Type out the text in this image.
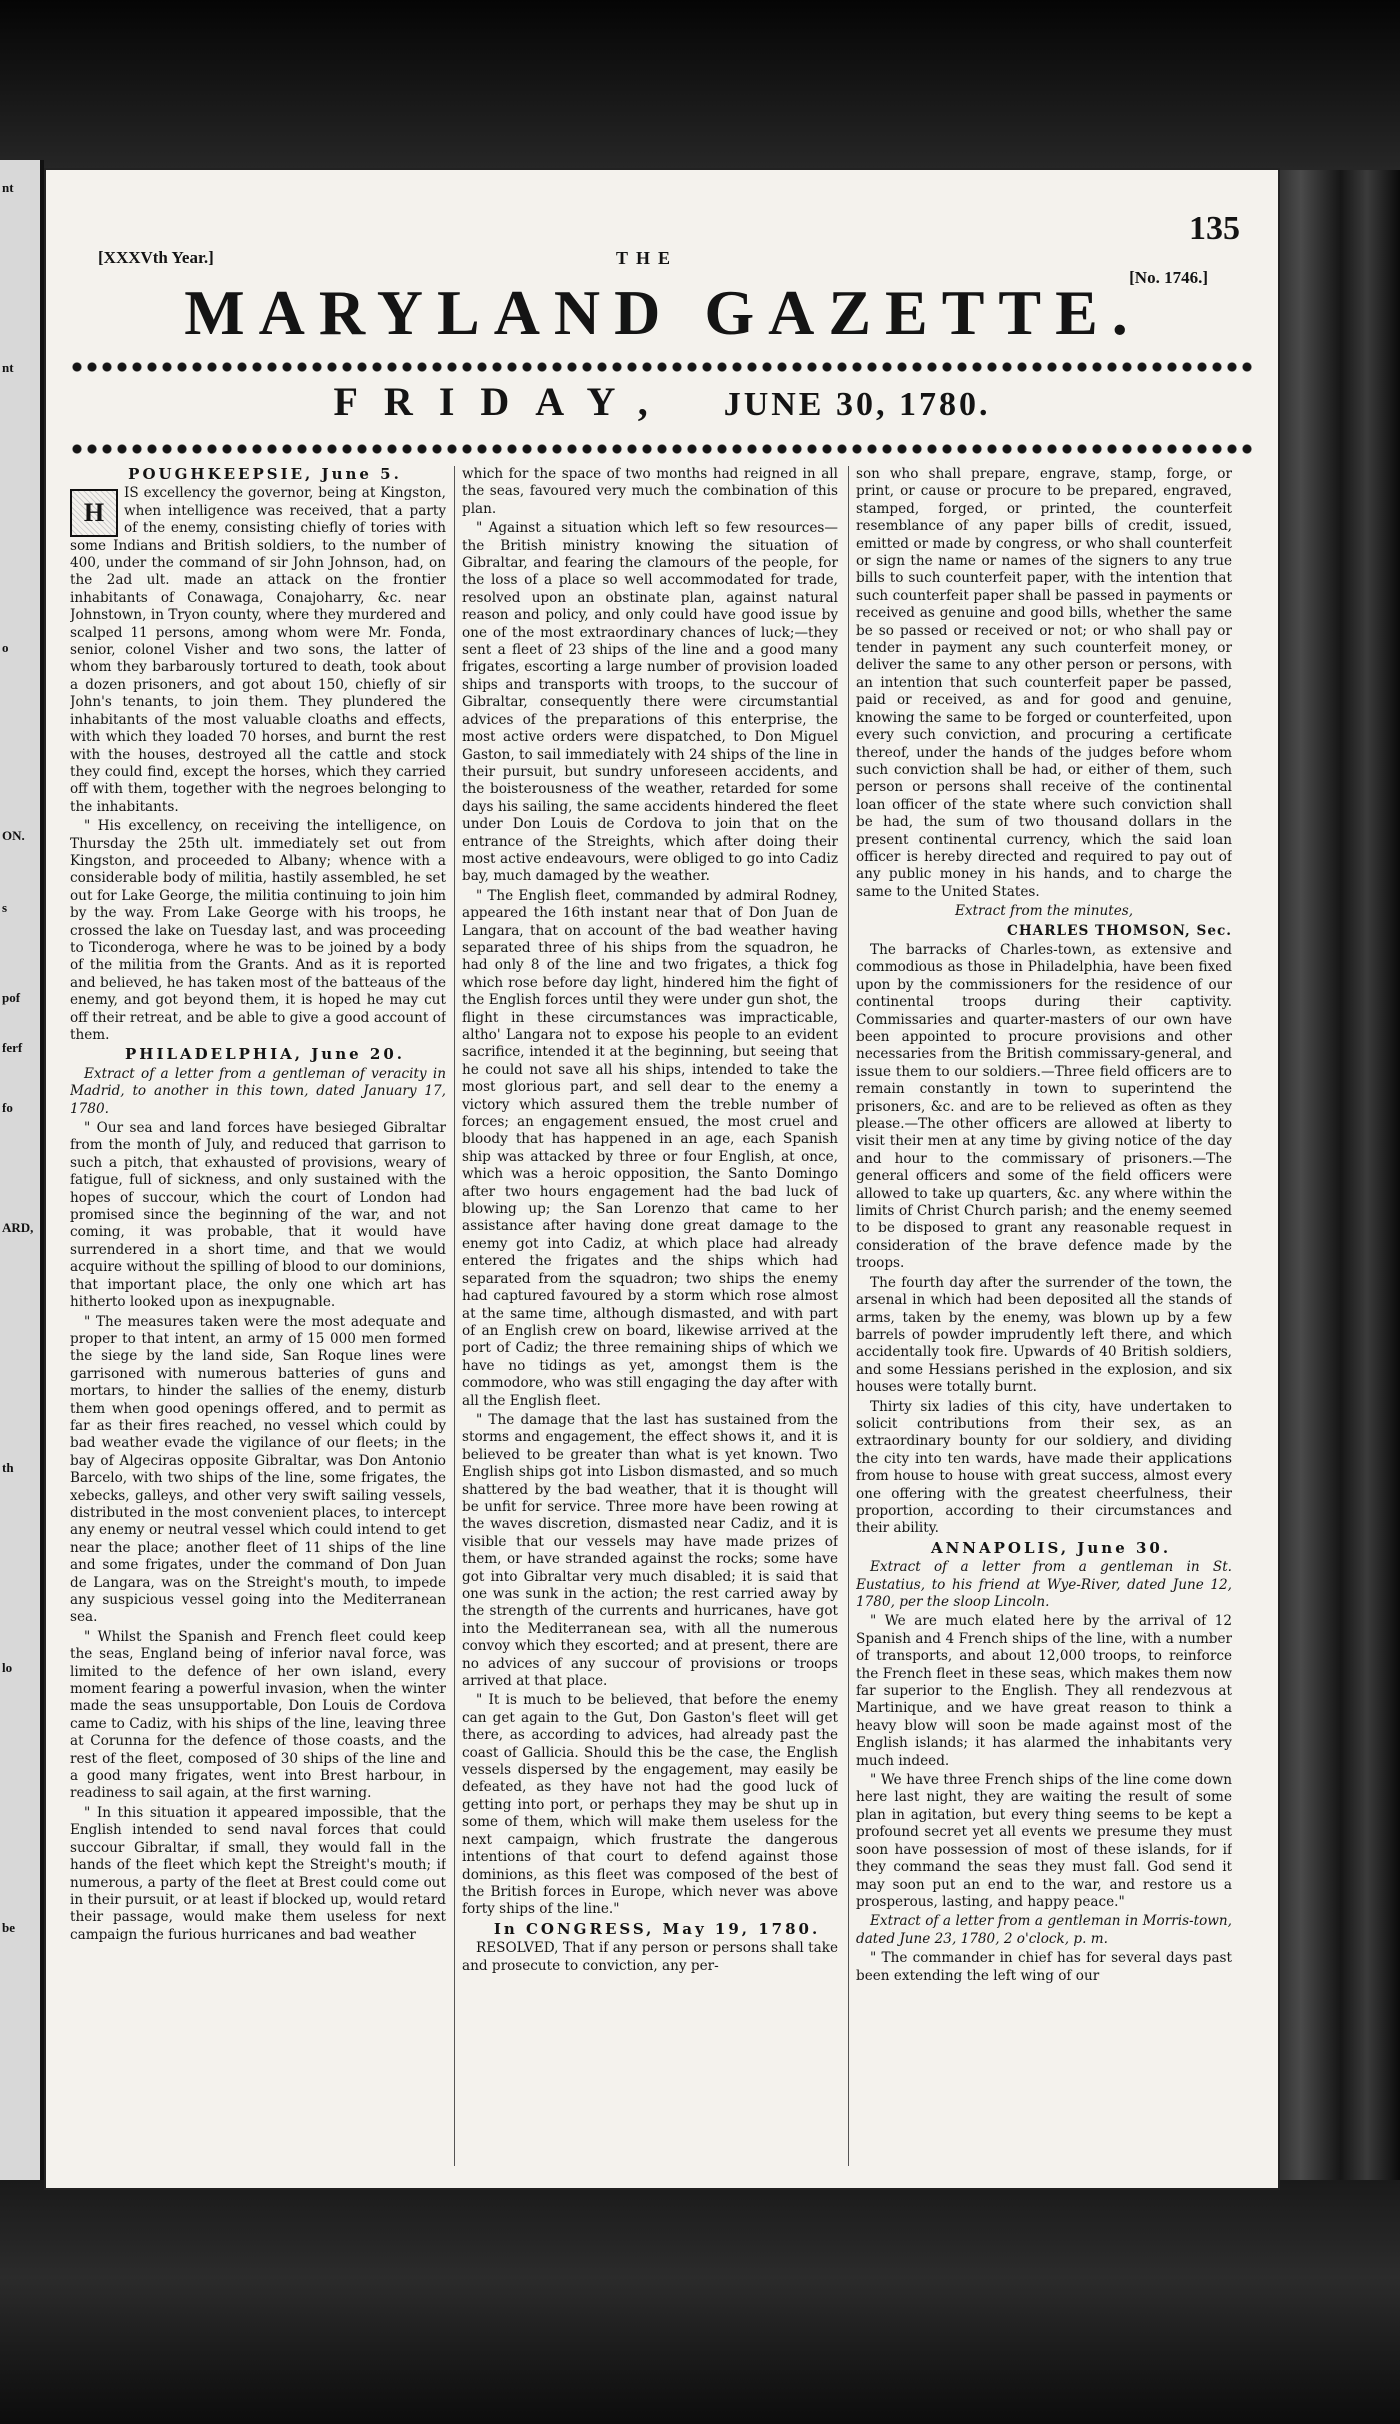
nt
nt
o
ON.
s
pof
ferf
fo
ARD,
th
lo
be
135
[XXXVth Year.]	THE
[No. 1746.]
MARYLAND GAZETTE.
FRIDAY, JUNE 30, 1780.

POUGHKEEPSIE, June 5.

H

IS excellency the governor, being at Kingston, when intelligence was received, that a party of the enemy, consisting chiefly of tories with some Indians and British soldiers, to the number of 400, under the command of sir John Johnson, had, on the 2ad ult. made an attack on the frontier inhabitants of Conawaga, Conajoharry, &c. near Johnstown, in Tryon county, where they murdered and scalped 11 persons, among whom were Mr. Fonda, senior, colonel Visher and two sons, the latter of whom they barbarously tortured to death, took about a dozen prisoners, and got about 150, chiefly of sir John's tenants, to join them. They plundered the inhabitants of the most valuable cloaths and effects, with which they loaded 70 horses, and burnt the rest with the houses, destroyed all the cattle and stock they could find, except the horses, which they carried off with them, together with the negroes belonging to the inhabitants.

" His excellency, on receiving the intelligence, on Thursday the 25th ult. immediately set out from Kingston, and proceeded to Albany; whence with a considerable body of militia, hastily assembled, he set out for Lake George, the militia continuing to join him by the way. From Lake George with his troops, he crossed the lake on Tuesday last, and was proceeding to Ticonderoga, where he was to be joined by a body of the militia from the Grants. And as it is reported and believed, he has taken most of the batteaus of the enemy, and got beyond them, it is hoped he may cut off their retreat, and be able to give a good account of them.

PHILADELPHIA, June 20.

Extract of a letter from a gentleman of veracity in Madrid, to another in this town, dated January 17, 1780.

" Our sea and land forces have besieged Gibraltar from the month of July, and reduced that garrison to such a pitch, that exhausted of provisions, weary of fatigue, full of sickness, and only sustained with the hopes of succour, which the court of London had promised since the beginning of the war, and not coming, it was probable, that it would have surrendered in a short time, and that we would acquire without the spilling of blood to our dominions, that important place, the only one which art has hitherto looked upon as inexpugnable.

" The measures taken were the most adequate and proper to that intent, an army of 15 000 men formed the siege by the land side, San Roque lines were garrisoned with numerous batteries of guns and mortars, to hinder the sallies of the enemy, disturb them when good openings offered, and to permit as far as their fires reached, no vessel which could by bad weather evade the vigilance of our fleets; in the bay of Algeciras opposite Gibraltar, was Don Antonio Barcelo, with two ships of the line, some frigates, the xebecks, galleys, and other very swift sailing vessels, distributed in the most convenient places, to intercept any enemy or neutral vessel which could intend to get near the place; another fleet of 11 ships of the line and some frigates, under the command of Don Juan de Langara, was on the Streight's mouth, to impede any suspicious vessel going into the Mediterranean sea.

" Whilst the Spanish and French fleet could keep the seas, England being of inferior naval force, was limited to the defence of her own island, every moment fearing a powerful invasion, when the winter made the seas unsupportable, Don Louis de Cordova came to Cadiz, with his ships of the line, leaving three at Corunna for the defence of those coasts, and the rest of the fleet, composed of 30 ships of the line and a good many frigates, went into Brest harbour, in readiness to sail again, at the first warning.

" In this situation it appeared impossible, that the English intended to send naval forces that could succour Gibraltar, if small, they would fall in the hands of the fleet which kept the Streight's mouth; if numerous, a party of the fleet at Brest could come out in their pursuit, or at least if blocked up, would retard their passage, would make them useless for next campaign the furious hurricanes and bad weather

which for the space of two months had reigned in all the seas, favoured very much the combination of this plan.

" Against a situation which left so few resources—the British ministry knowing the situation of Gibraltar, and fearing the clamours of the people, for the loss of a place so well accommodated for trade, resolved upon an obstinate plan, against natural reason and policy, and only could have good issue by one of the most extraordinary chances of luck;—they sent a fleet of 23 ships of the line and a good many frigates, escorting a large number of provision loaded ships and transports with troops, to the succour of Gibraltar, consequently there were circumstantial advices of the preparations of this enterprise, the most active orders were dispatched, to Don Miguel Gaston, to sail immediately with 24 ships of the line in their pursuit, but sundry unforeseen accidents, and the boisterousness of the weather, retarded for some days his sailing, the same accidents hindered the fleet under Don Louis de Cordova to join that on the entrance of the Streights, which after doing their most active endeavours, were obliged to go into Cadiz bay, much damaged by the weather.

" The English fleet, commanded by admiral Rodney, appeared the 16th instant near that of Don Juan de Langara, that on account of the bad weather having separated three of his ships from the squadron, he had only 8 of the line and two frigates, a thick fog which rose before day light, hindered him the fight of the English forces until they were under gun shot, the flight in these circumstances was impracticable, altho' Langara not to expose his people to an evident sacrifice, intended it at the beginning, but seeing that he could not save all his ships, intended to take the most glorious part, and sell dear to the enemy a victory which assured them the treble number of forces; an engagement ensued, the most cruel and bloody that has happened in an age, each Spanish ship was attacked by three or four English, at once, which was a heroic opposition, the Santo Domingo after two hours engagement had the bad luck of blowing up; the San Lorenzo that came to her assistance after having done great damage to the enemy got into Cadiz, at which place had already entered the frigates and the ships which had separated from the squadron; two ships the enemy had captured favoured by a storm which rose almost at the same time, although dismasted, and with part of an English crew on board, likewise arrived at the port of Cadiz; the three remaining ships of which we have no tidings as yet, amongst them is the commodore, who was still engaging the day after with all the English fleet.

" The damage that the last has sustained from the storms and engagement, the effect shows it, and it is believed to be greater than what is yet known. Two English ships got into Lisbon dismasted, and so much shattered by the bad weather, that it is thought will be unfit for service. Three more have been rowing at the waves discretion, dismasted near Cadiz, and it is visible that our vessels may have made prizes of them, or have stranded against the rocks; some have got into Gibraltar very much disabled; it is said that one was sunk in the action; the rest carried away by the strength of the currents and hurricanes, have got into the Mediterranean sea, with all the numerous convoy which they escorted; and at present, there are no advices of any succour of provisions or troops arrived at that place.

" It is much to be believed, that before the enemy can get again to the Gut, Don Gaston's fleet will get there, as according to advices, had already past the coast of Gallicia. Should this be the case, the English vessels dispersed by the engagement, may easily be defeated, as they have not had the good luck of getting into port, or perhaps they may be shut up in some of them, which will make them useless for the next campaign, which frustrate the dangerous intentions of that court to defend against those dominions, as this fleet was composed of the best of the British forces in Europe, which never was above forty ships of the line."

In CONGRESS, May 19, 1780.

RESOLVED, That if any person or persons shall take and prosecute to conviction, any per-

son who shall prepare, engrave, stamp, forge, or print, or cause or procure to be prepared, engraved, stamped, forged, or printed, the counterfeit resemblance of any paper bills of credit, issued, emitted or made by congress, or who shall counterfeit or sign the name or names of the signers to any true bills to such counterfeit paper, with the intention that such counterfeit paper shall be passed in payments or received as genuine and good bills, whether the same be so passed or received or not; or who shall pay or tender in payment any such counterfeit money, or deliver the same to any other person or persons, with an intention that such counterfeit paper be passed, paid or received, as and for good and genuine, knowing the same to be forged or counterfeited, upon every such conviction, and procuring a certificate thereof, under the hands of the judges before whom such conviction shall be had, or either of them, such person or persons shall receive of the continental loan officer of the state where such conviction shall be had, the sum of two thousand dollars in the present continental currency, which the said loan officer is hereby directed and required to pay out of any public money in his hands, and to charge the same to the United States.

Extract from the minutes,

CHARLES THOMSON, Sec.

The barracks of Charles-town, as extensive and commodious as those in Philadelphia, have been fixed upon by the commissioners for the residence of our continental troops during their captivity. Commissaries and quarter-masters of our own have been appointed to procure provisions and other necessaries from the British commissary-general, and issue them to our soldiers.—Three field officers are to remain constantly in town to superintend the prisoners, &c. and are to be relieved as often as they please.—The other officers are allowed at liberty to visit their men at any time by giving notice of the day and hour to the commissary of prisoners.—The general officers and some of the field officers were allowed to take up quarters, &c. any where within the limits of Christ Church parish; and the enemy seemed to be disposed to grant any reasonable request in consideration of the brave defence made by the troops.

The fourth day after the surrender of the town, the arsenal in which had been deposited all the stands of arms, taken by the enemy, was blown up by a few barrels of powder imprudently left there, and which accidentally took fire. Upwards of 40 British soldiers, and some Hessians perished in the explosion, and six houses were totally burnt.

Thirty six ladies of this city, have undertaken to solicit contributions from their sex, as an extraordinary bounty for our soldiery, and dividing the city into ten wards, have made their applications from house to house with great success, almost every one offering with the greatest cheerfulness, their proportion, according to their circumstances and their ability.

ANNAPOLIS, June 30.

Extract of a letter from a gentleman in St. Eustatius, to his friend at Wye-River, dated June 12, 1780, per the sloop Lincoln.

" We are much elated here by the arrival of 12 Spanish and 4 French ships of the line, with a number of transports, and about 12,000 troops, to reinforce the French fleet in these seas, which makes them now far superior to the English. They all rendezvous at Martinique, and we have great reason to think a heavy blow will soon be made against most of the English islands; it has alarmed the inhabitants very much indeed.

" We have three French ships of the line come down here last night, they are waiting the result of some plan in agitation, but every thing seems to be kept a profound secret yet all events we presume they must soon have possession of most of these islands, for if they command the seas they must fall. God send it may soon put an end to the war, and restore us a prosperous, lasting, and happy peace."

Extract of a letter from a gentleman in Morris-town, dated June 23, 1780, 2 o'clock, p. m.

" The commander in chief has for several days past been extending the left wing of our
